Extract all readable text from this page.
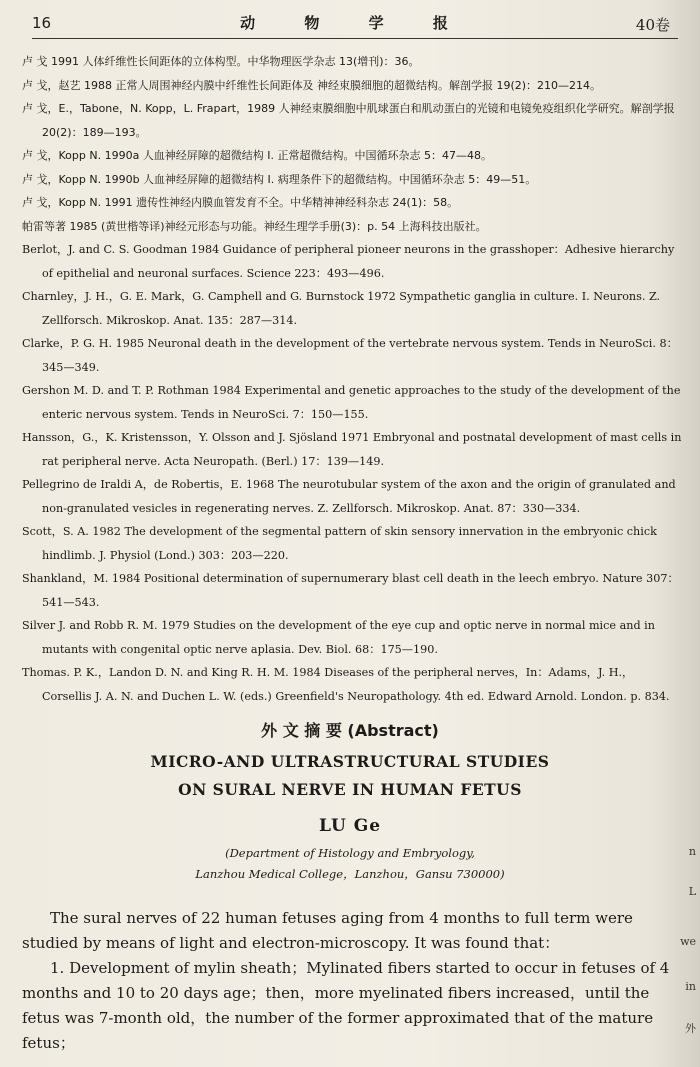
16	动 物 学 报	40卷
卢 戈 1991 人体纤维性长间距体的立体构型。中华物理医学杂志 13(增刊)：36。
卢 戈，赵艺 1988 正常人周围神经内膜中纤维性长间距体及 神经束膜细胞的超微结构。解剖学报 19(2)：210—214。
卢 戈，E.，Tabone，N. Kopp，L. Frapart，1989 人神经束膜细胞中肌球蛋白和肌动蛋白的光镜和电镜免疫组织化学研究。解剖学报 20(2)：189—193。
卢 戈，Kopp N. 1990a 人血神经屏障的超微结构 I. 正常超微结构。中国循环杂志 5：47—48。
卢 戈，Kopp N. 1990b 人血神经屏障的超微结构 I. 病理条件下的超微结构。中国循环杂志 5：49—51。
卢 戈，Kopp N. 1991 遗传性神经内膜血管发育不全。中华精神神经科杂志 24(1)：58。
帕雷等著 1985 (黄世楷等译)神经元形态与功能。神经生理学手册(3)：p. 54 上海科技出版社。
Berlot，J. and C. S. Goodman 1984 Guidance of peripheral pioneer neurons in the grasshoper：Adhesive hierarchy of epithelial and neuronal surfaces. Science 223：493—496.
Charnley，J. H.，G. E. Mark，G. Camphell and G. Burnstock 1972 Sympathetic ganglia in culture. I. Neurons. Z. Zellforsch. Mikroskop. Anat. 135：287—314.
Clarke，P. G. H. 1985 Neuronal death in the development of the vertebrate nervous system. Tends in NeuroSci. 8：345—349.
Gershon M. D. and T. P. Rothman 1984 Experimental and genetic approaches to the study of the development of the enteric nervous system. Tends in NeuroSci. 7：150—155.
Hansson，G.，K. Kristensson，Y. Olsson and J. Sjösland 1971 Embryonal and postnatal development of mast cells in rat peripheral nerve. Acta Neuropath. (Berl.) 17：139—149.
Pellegrino de Iraldi A，de Robertis，E. 1968 The neurotubular system of the axon and the origin of granulated and non-granulated vesicles in regenerating nerves. Z. Zellforsch. Mikroskop. Anat. 87：330—334.
Scott，S. A. 1982 The development of the segmental pattern of skin sensory innervation in the embryonic chick hindlimb. J. Physiol (Lond.) 303：203—220.
Shankland，M. 1984 Positional determination of supernumerary blast cell death in the leech embryo. Nature 307：541—543.
Silver J. and Robb R. M. 1979 Studies on the development of the eye cup and optic nerve in normal mice and in mutants with congenital optic nerve aplasia. Dev. Biol. 68：175—190.
Thomas. P. K.，Landon D. N. and King R. H. M. 1984 Diseases of the peripheral nerves，In：Adams，J. H.，Corsellis J. A. N. and Duchen L. W. (eds.) Greenfield's Neuropathology. 4th ed. Edward Arnold. London. p. 834.
外 文 摘 要 (Abstract)
MICRO-AND ULTRASTRUCTURAL STUDIES
ON SURAL NERVE IN HUMAN FETUS
LU Ge
(Department of Histology and Embryology,
Lanzhou Medical College，Lanzhou，Gansu 730000)

The sural nerves of 22 human fetuses aging from 4 months to full term were studied by means of light and electron-microscopy. It was found that：

1. Development of mylin sheath；Mylinated fibers started to occur in fetuses of 4 months and 10 to 20 days age；then，more myelinated fibers increased，until the fetus was 7-month old，the number of the former approximated that of the mature fetus；

n
L
we
in
外
